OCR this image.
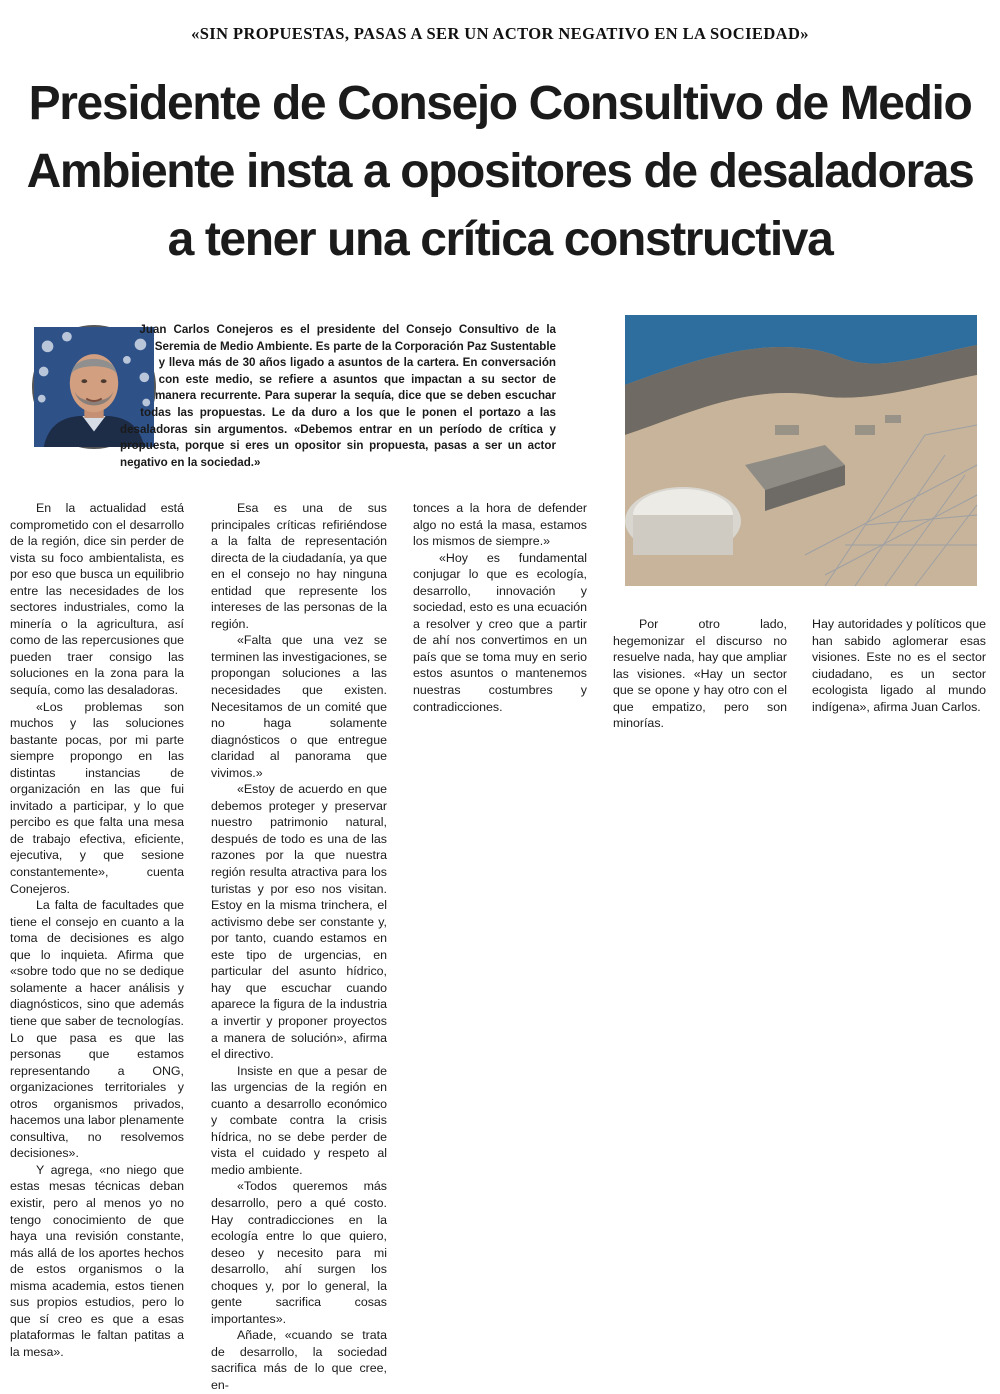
«SIN PROPUESTAS, PASAS A SER UN ACTOR NEGATIVO EN LA SOCIEDAD»
Presidente de Consejo Consultivo de Medio Ambiente insta a opositores de desaladoras a tener una crítica constructiva
Juan Carlos Conejeros es el presidente del Consejo Consultivo de la Seremia de Medio Ambiente. Es parte de la Corporación Paz Sustentable y lleva más de 30 años ligado a asuntos de la cartera. En conversación con este medio, se refiere a asuntos que impactan a su sector de manera recurrente. Para superar la sequía, dice que se deben escuchar todas las propuestas. Le da duro a los que le ponen el portazo a las desaladoras sin argumentos. «Debemos entrar en un período de crítica y propuesta, porque si eres un opositor sin propuesta, pasas a ser un actor negativo en la sociedad.»

En la actualidad está comprometido con el desarrollo de la región, dice sin perder de vista su foco ambientalista, es por eso que busca un equilibrio entre las necesidades de los sectores industriales, como la minería o la agricultura, así como de las repercusiones que pueden traer consigo las soluciones en la zona para la sequía, como las desaladoras.

«Los problemas son muchos y las soluciones bastante pocas, por mi parte siempre propongo en las distintas instancias de organización en las que fui invitado a participar, y lo que percibo es que falta una mesa de trabajo efectiva, eficiente, ejecutiva, y que sesione constantemente», cuenta Conejeros.

La falta de facultades que tiene el consejo en cuanto a la toma de decisiones es algo que lo inquieta. Afirma que «sobre todo que no se dedique solamente a hacer análisis y diagnósticos, sino que además tiene que saber de tecnologías. Lo que pasa es que las personas que estamos representando a ONG, organizaciones territoriales y otros organismos privados, hacemos una labor plenamente consultiva, no resolvemos decisiones».

Y agrega, «no niego que estas mesas técnicas deban existir, pero al menos yo no tengo conocimiento de que haya una revisión constante, más allá de los aportes hechos de estos organismos o la misma academia, estos tienen sus propios estudios, pero lo que sí creo es que a esas plataformas le faltan patitas a la mesa».

Esa es una de sus principales críticas refiriéndose a la falta de representación directa de la ciudadanía, ya que en el consejo no hay ninguna entidad que represente los intereses de las personas de la región.

«Falta que una vez se terminen las investigaciones, se propongan soluciones a las necesidades que existen. Necesitamos de un comité que no haga solamente diagnósticos o que entregue claridad al panorama que vivimos.»

«Estoy de acuerdo en que debemos proteger y preservar nuestro patrimonio natural, después de todo es una de las razones por la que nuestra región resulta atractiva para los turistas y por eso nos visitan. Estoy en la misma trinchera, el activismo debe ser constante y, por tanto, cuando estamos en este tipo de urgencias, en particular del asunto hídrico, hay que escuchar cuando aparece la figura de la industria a invertir y proponer proyectos a manera de solución», afirma el directivo.

Insiste en que a pesar de las urgencias de la región en cuanto a desarrollo económico y combate contra la crisis hídrica, no se debe perder de vista el cuidado y respeto al medio ambiente.

«Todos queremos más desarrollo, pero a qué costo. Hay contradicciones en la ecología entre lo que quiero, deseo y necesito para mi desarrollo, ahí surgen los choques y, por lo general, la gente sacrifica cosas importantes».

Añade, «cuando se trata de desarrollo, la sociedad sacrifica más de lo que cree, en-

tonces a la hora de defender algo no está la masa, estamos los mismos de siempre.»

«Hoy es fundamental conjugar lo que es ecología, desarrollo, innovación y sociedad, esto es una ecuación a resolver y creo que a partir de ahí nos convertimos en un país que se toma muy en serio estos asuntos o mantenemos nuestras costumbres y contradicciones.

Por otro lado, hegemonizar el discurso no resuelve nada, hay que ampliar las visiones. «Hay un sector que se opone y hay otro con el que empatizo, pero son minorías.

Hay autoridades y políticos que han sabido aglomerar esas visiones. Este no es el sector ciudadano, es un sector ecologista ligado al mundo indígena», afirma Juan Carlos.
